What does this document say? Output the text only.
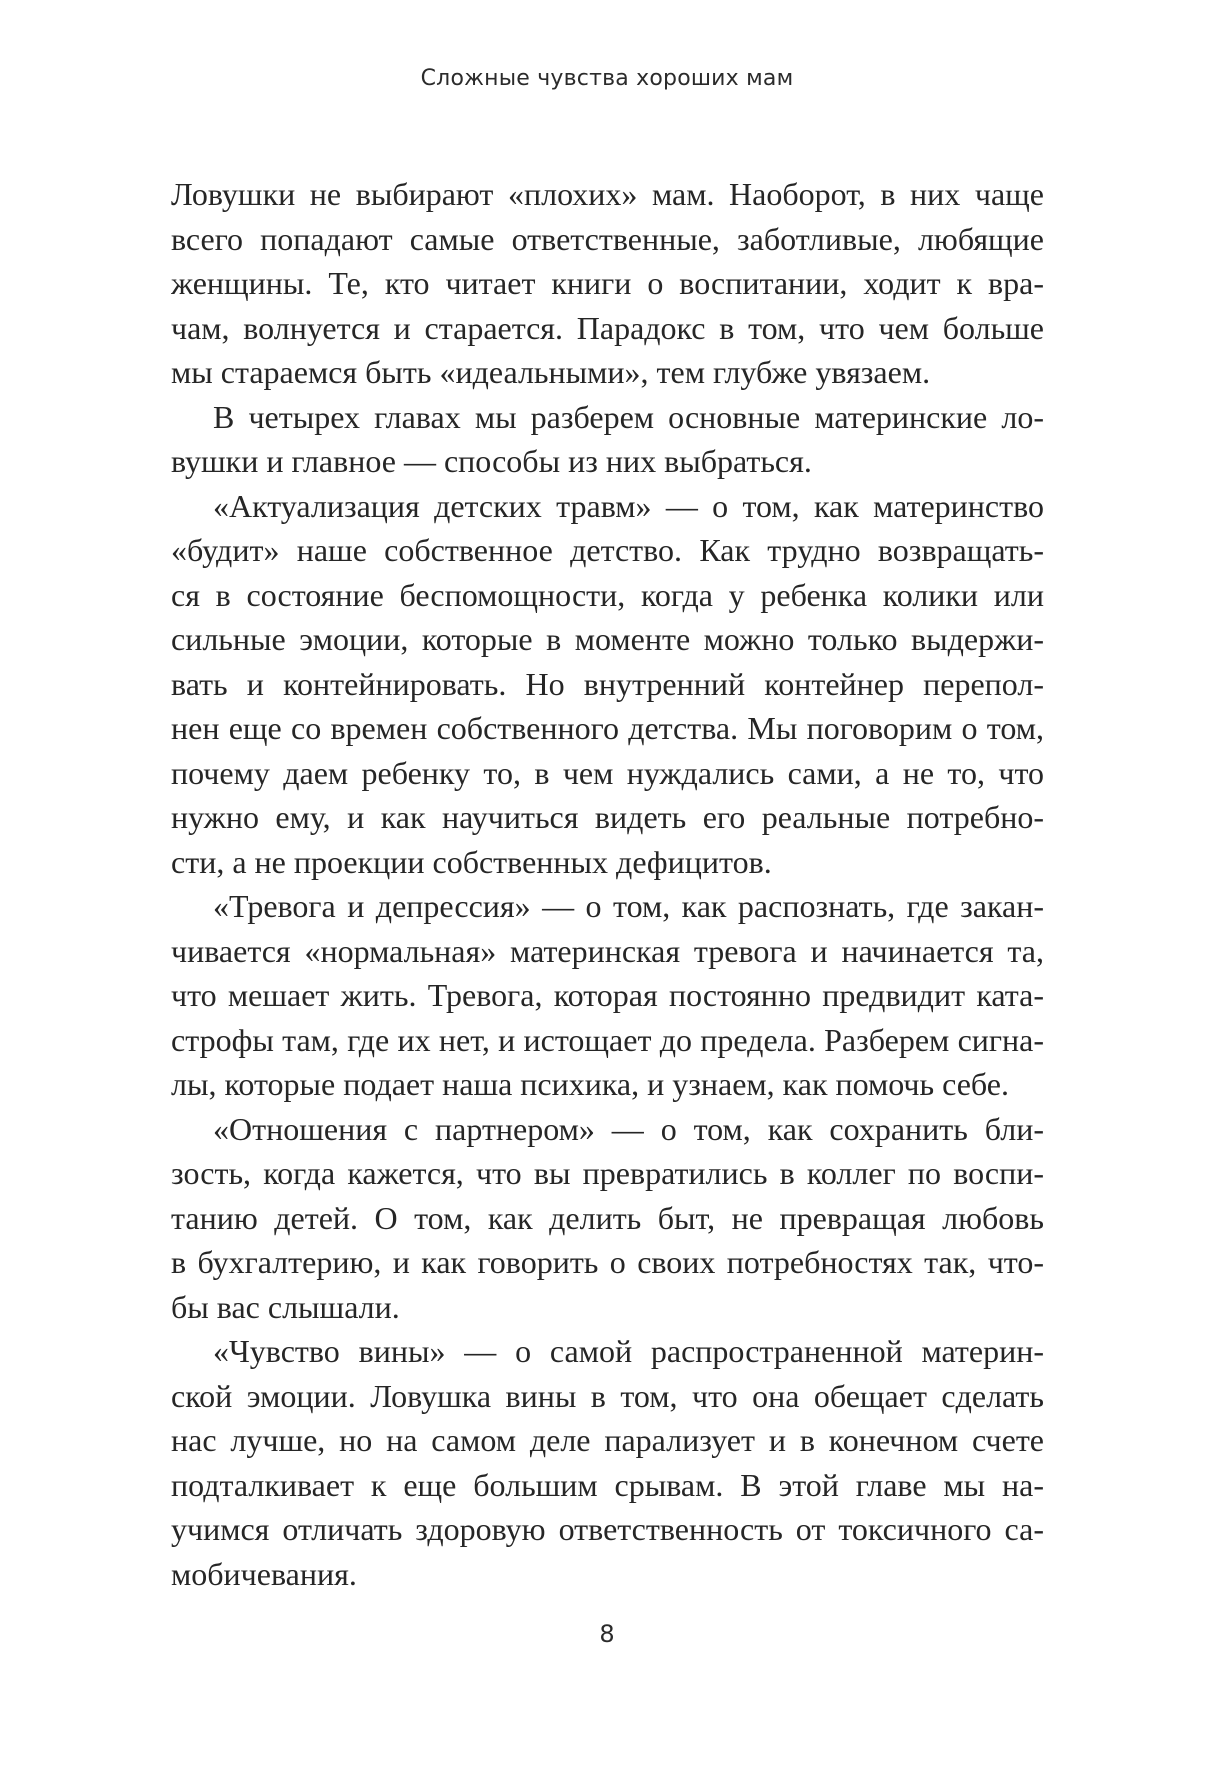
Сложные чувства хороших мам
Ловушки не выбирают «плохих» мам. Наоборот, в них чаще
всего попадают самые ответственные, заботливые, любящие
женщины. Те, кто читает книги о воспитании, ходит к вра-
чам, волнуется и старается. Парадокс в том, что чем больше
мы стараемся быть «идеальными», тем глубже увязаем.
В четырех главах мы разберем основные материнские ло-
вушки и главное — способы из них выбраться.
«Актуализация детских травм» — о том, как материнство
«будит» наше собственное детство. Как трудно возвращать-
ся в состояние беспомощности, когда у ребенка колики или
сильные эмоции, которые в моменте можно только выдержи-
вать и контейнировать. Но внутренний контейнер перепол-
нен еще со времен собственного детства. Мы поговорим о том,
почему даем ребенку то, в чем нуждались сами, а не то, что
нужно ему, и как научиться видеть его реальные потребно-
сти, а не проекции собственных дефицитов.
«Тревога и депрессия» — о том, как распознать, где закан-
чивается «нормальная» материнская тревога и начинается та,
что мешает жить. Тревога, которая постоянно предвидит ката-
строфы там, где их нет, и истощает до предела. Разберем сигна-
лы, которые подает наша психика, и узнаем, как помочь себе.
«Отношения с партнером» — о том, как сохранить бли-
зость, когда кажется, что вы превратились в коллег по воспи-
танию детей. О том, как делить быт, не превращая любовь
в бухгалтерию, и как говорить о своих потребностях так, что-
бы вас слышали.
«Чувство вины» — о самой распространенной материн-
ской эмоции. Ловушка вины в том, что она обещает сделать
нас лучше, но на самом деле парализует и в конечном счете
подталкивает к еще большим срывам. В этой главе мы на-
учимся отличать здоровую ответственность от токсичного са-
мобичевания.
8
